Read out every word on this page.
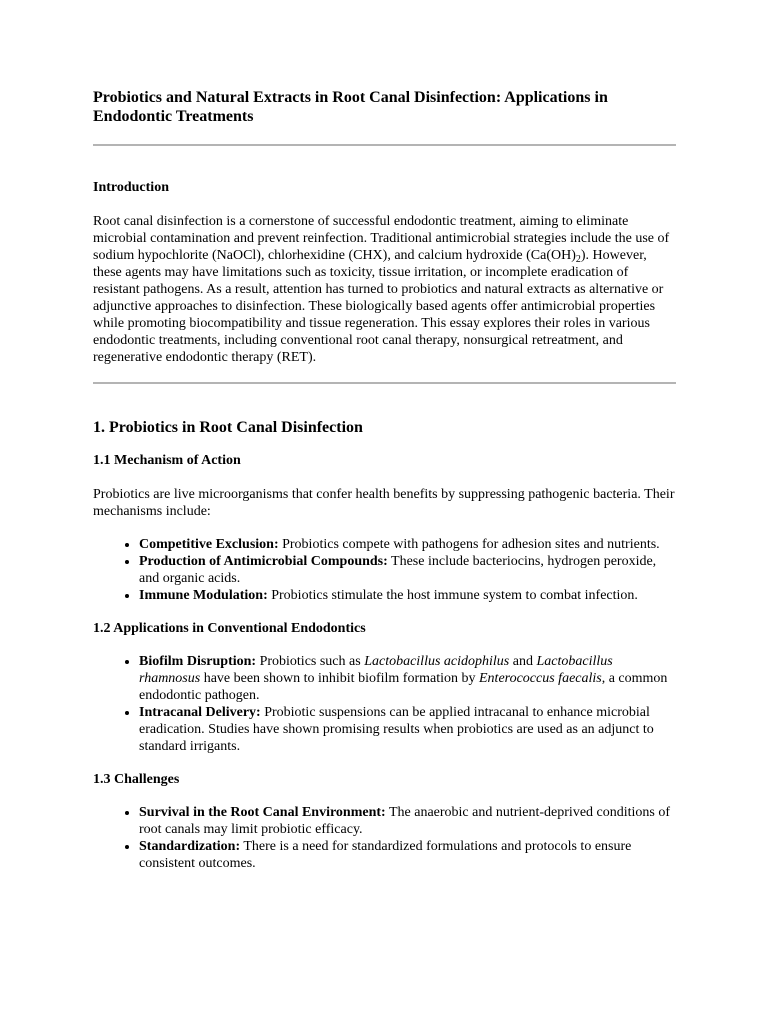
Probiotics and Natural Extracts in Root Canal Disinfection: Applications in Endodontic Treatments
Introduction

Root canal disinfection is a cornerstone of successful endodontic treatment, aiming to eliminate microbial contamination and prevent reinfection. Traditional antimicrobial strategies include the use of sodium hypochlorite (NaOCl), chlorhexidine (CHX), and calcium hydroxide $(Ca(OH)_2)$. However, these agents may have limitations such as toxicity, tissue irritation, or incomplete eradication of resistant pathogens. As a result, attention has turned to probiotics and natural extracts as alternative or adjunctive approaches to disinfection. These biologically based agents offer antimicrobial properties while promoting biocompatibility and tissue regeneration. This essay explores their roles in various endodontic treatments, including conventional root canal therapy, nonsurgical retreatment, and regenerative endodontic therapy (RET).

1. Probiotics in Root Canal Disinfection
1.1 Mechanism of Action

Probiotics are live microorganisms that confer health benefits by suppressing pathogenic bacteria. Their mechanisms include:

• Competitive Exclusion: Probiotics compete with pathogens for adhesion sites and nutrients.
• Production of Antimicrobial Compounds: These include bacteriocins, hydrogen peroxide, and organic acids.
• Immune Modulation: Probiotics stimulate the host immune system to combat infection.
1.2 Applications in Conventional Endodontics
• Biofilm Disruption: Probiotics such as Lactobacillus acidophilus and Lactobacillus rhamnosus have been shown to inhibit biofilm formation by Enterococcus faecalis, a common endodontic pathogen.
• Intracanal Delivery: Probiotic suspensions can be applied intracanal to enhance microbial eradication. Studies have shown promising results when probiotics are used as an adjunct to standard irrigants.
1.3 Challenges
• Survival in the Root Canal Environment: The anaerobic and nutrient-deprived conditions of root canals may limit probiotic efficacy.
• Standardization: There is a need for standardized formulations and protocols to ensure consistent outcomes.
